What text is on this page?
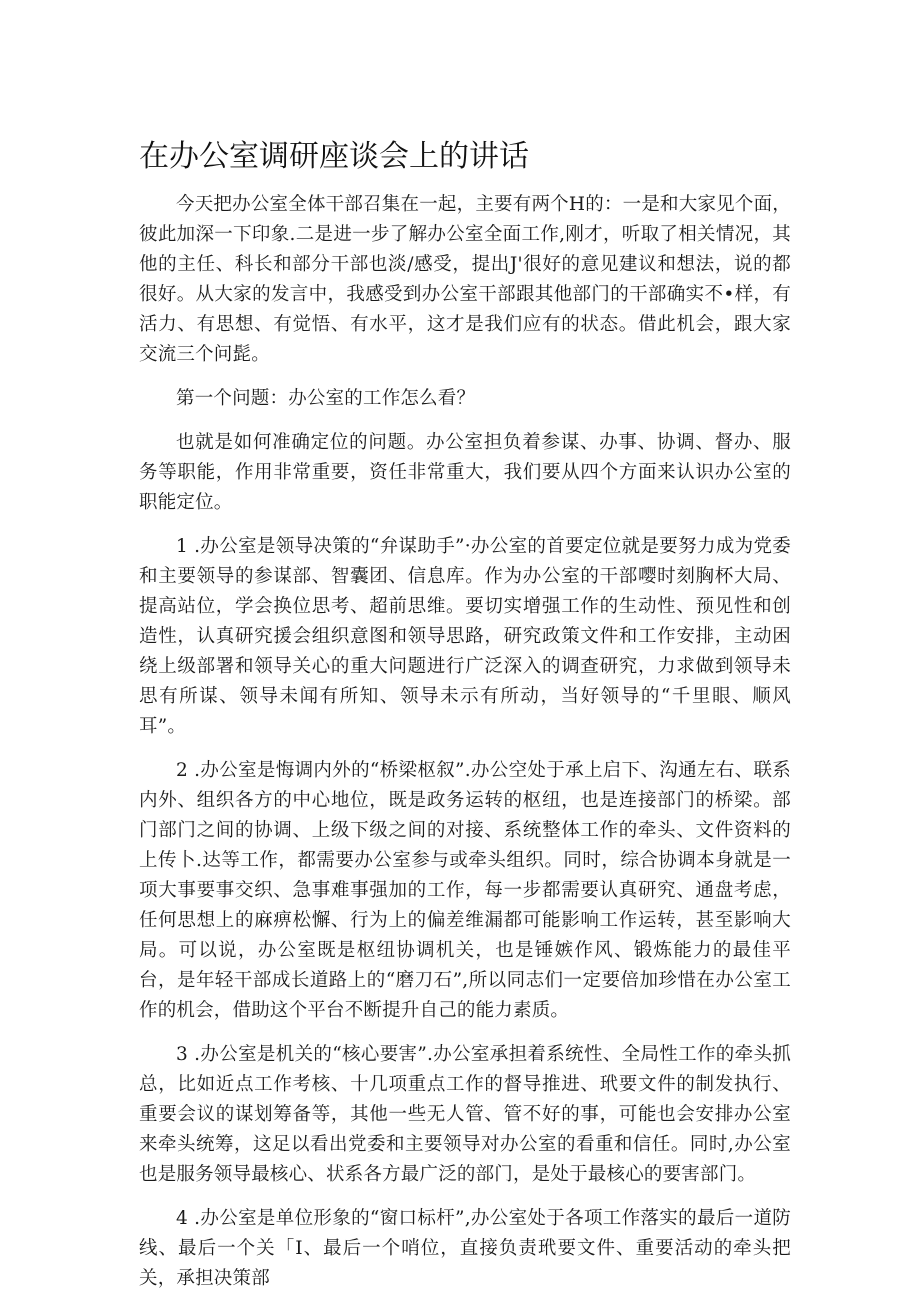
在办公室调研座谈会上的讲话

今天把办公室全体干部召集在一起，主要有两个H的：一是和大家见个面，彼此加深一下印象.二是进一步了解办公室全面工作,刚才，听取了相关情况，其他的主任、科长和部分干部也淡/感受，提出J'很好的意见建议和想法，说的都很好。从大家的发言中，我感受到办公室干部跟其他部门的干部确实不•样，有活力、有思想、有觉悟、有水平，这才是我们应有的状态。借此机会，跟大家交流三个问髭。

第一个问题：办公室的工作怎么看？

也就是如何准确定位的问题。办公室担负着参谋、办事、协调、督办、服务等职能，作用非常重要，资任非常重大，我们要从四个方面来认识办公室的职能定位。

1 .办公室是领导决策的“弁谋助手”·办公室的首要定位就是要努力成为党委和主要领导的参谋部、智囊团、信息库。作为办公室的干部嘤时刻胸杯大局、提高站位，学会换位思考、超前思维。要切实增强工作的生动性、预见性和创造性，认真研究援会组织意图和领导思路，研究政策文件和工作安排，主动困绕上级部署和领导关心的重大问题进行广泛深入的调查研究，力求做到领导未思有所谋、领导未闻有所知、领导未示有所动，当好领导的“千里眼、顺风耳”。

2 .办公室是悔调内外的“桥梁枢叙”.办公空处于承上启下、沟通左右、联系内外、组织各方的中心地位，既是政务运转的枢纽，也是连接部门的桥梁。部门部门之间的协调、上级下级之间的对接、系统整体工作的牵头、文件资料的上传卜.达等工作，都需要办公室参与或牵头组织。同时，综合协调本身就是一项大事要事交织、急事难事强加的工作，每一步都需要认真研究、通盘考虑，任何思想上的麻痹松懈、行为上的偏差维漏都可能影响工作运转，甚至影响大局。可以说，办公室既是枢纽协调机关，也是锤嫉作风、锻炼能力的最佳平台，是年轻干部成长道路上的“磨刀石”,所以同志们一定要倍加珍惜在办公室工作的机会，借助这个平台不断提升自己的能力素质。

3 .办公室是机关的“核心要害”.办公室承担着系统性、全局性工作的牵头抓总，比如近点工作考核、十几项重点工作的督导推进、玳要文件的制发执行、重要会议的谋划筹备等，其他一些无人管、管不好的事，可能也会安排办公室来牵头统筹，这足以看出党委和主要领导对办公室的看重和信任。同时,办公室也是服务领导最核心、状系各方最广泛的部门，是处于最核心的要害部门。

4 .办公室是单位形象的“窗口标杆”,办公室处于各项工作落实的最后一道防线、最后一个关「I、最后一个哨位，直接负责玳要文件、重要活动的牵头把关，承担决策部
